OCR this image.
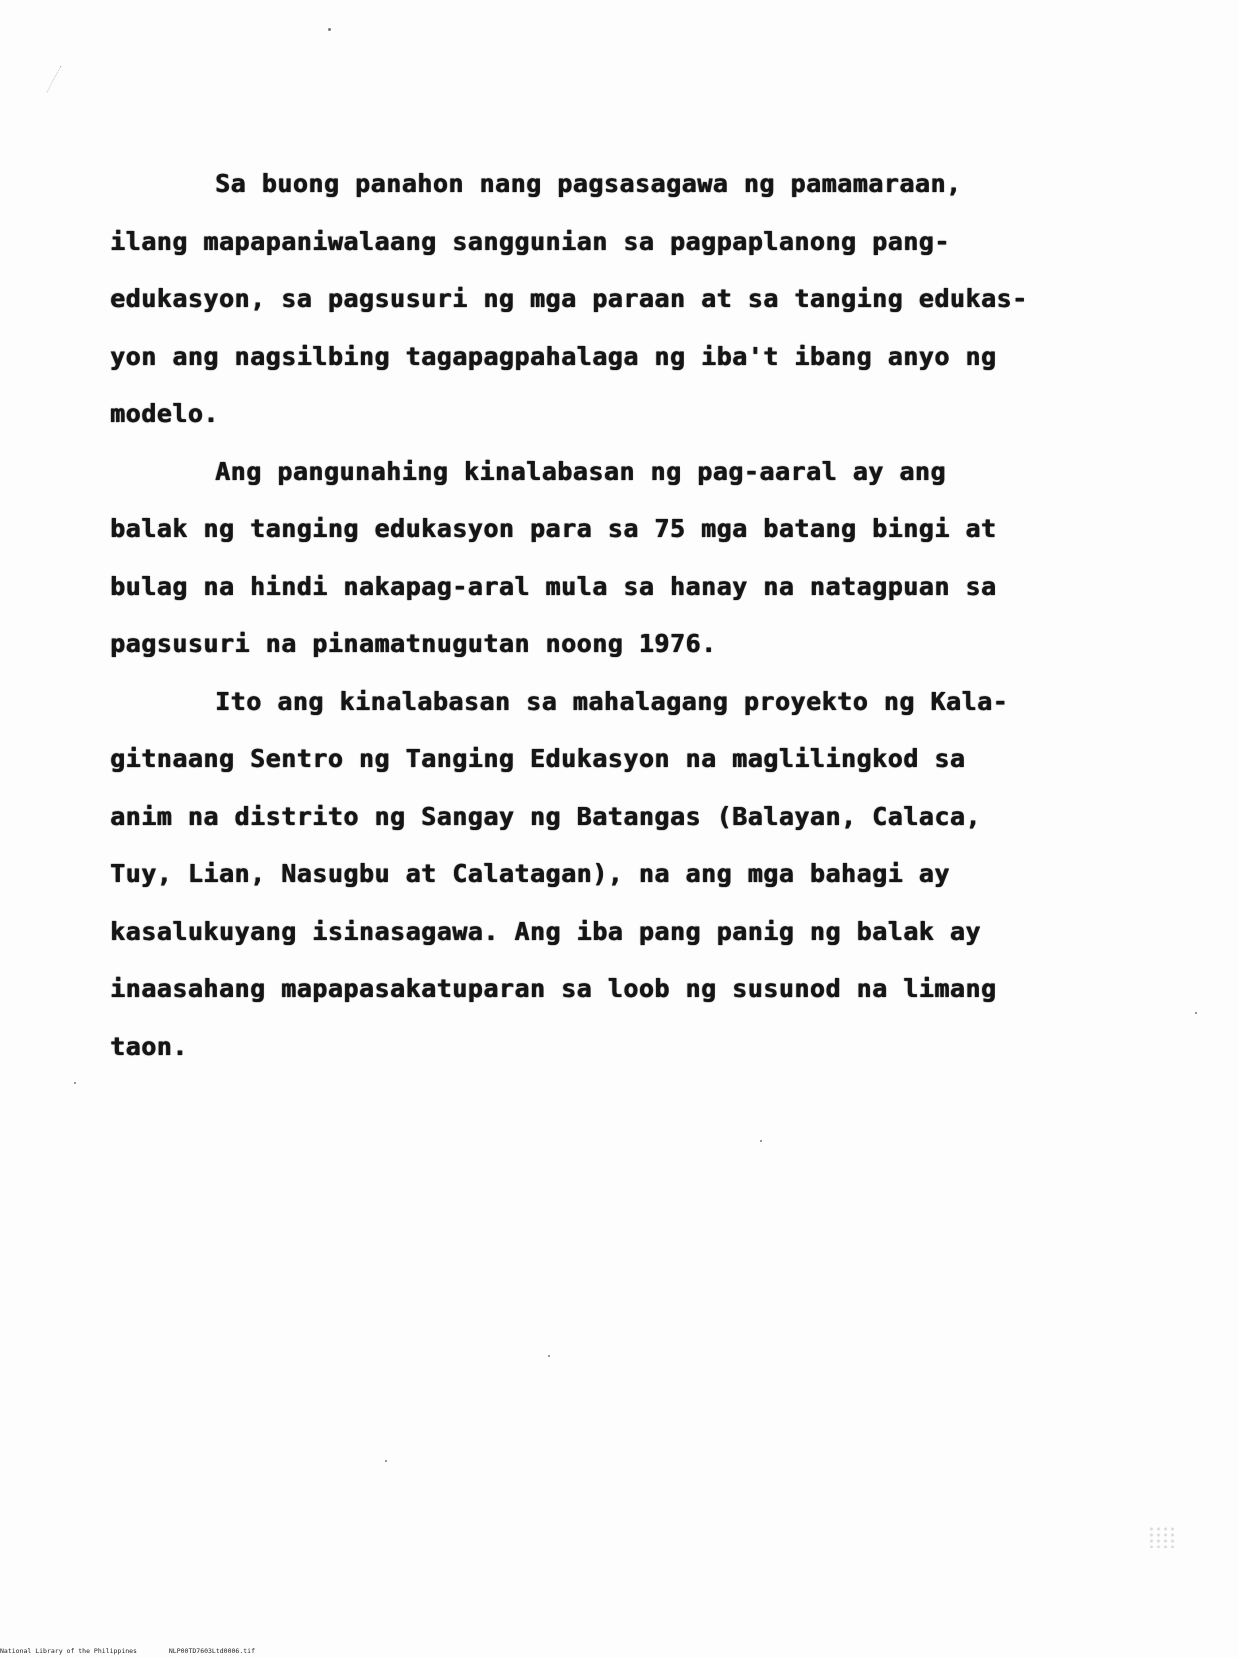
Sa buong panahon nang pagsasagawa ng pamamaraan,
ilang mapapaniwalaang sanggunian sa pagpaplanong pang-
edukasyon, sa pagsusuri ng mga paraan at sa tanging edukas-
yon ang nagsilbing tagapagpahalaga ng iba't ibang anyo ng
modelo.
Ang pangunahing kinalabasan ng pag-aaral ay ang
balak ng tanging edukasyon para sa 75 mga batang bingi at
bulag na hindi nakapag-aral mula sa hanay na natagpuan sa
pagsusuri na pinamatnugutan noong 1976.
Ito ang kinalabasan sa mahalagang proyekto ng Kala-
gitnaang Sentro ng Tanging Edukasyon na maglilingkod sa
anim na distrito ng Sangay ng Batangas (Balayan, Calaca,
Tuy, Lian, Nasugbu at Calatagan), na ang mga bahagi ay
kasalukuyang isinasagawa. Ang iba pang panig ng balak ay
inaasahang mapapasakatuparan sa loob ng susunod na limang
taon.
National Library of the Philippines	NLP00TD7603Ltd0006.tif
